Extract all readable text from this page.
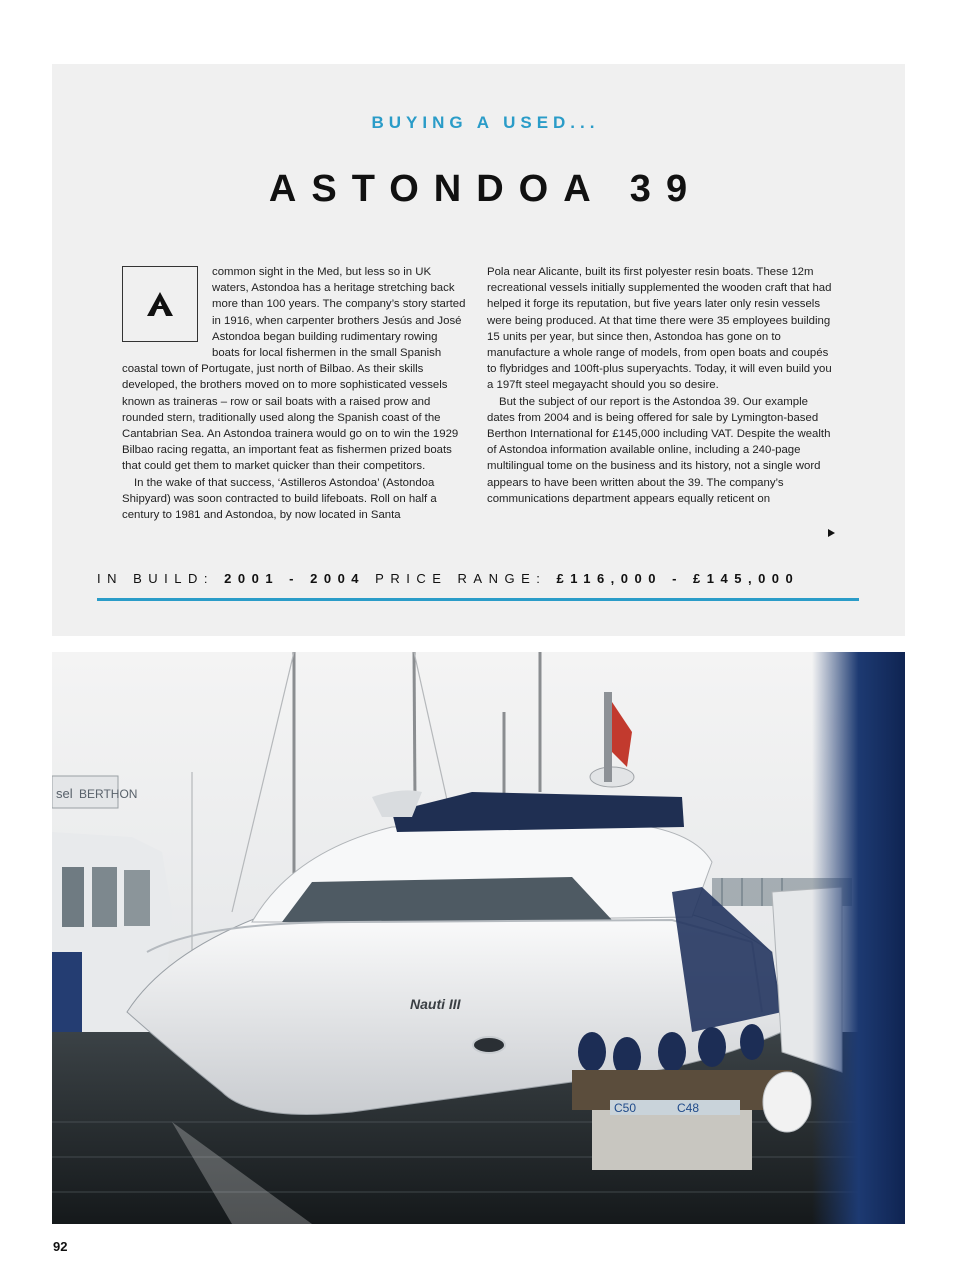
BUYING A USED...
ASTONDOA 39

common sight in the Med, but less so in UK waters, Astondoa has a heritage stretching back more than 100 years. The company’s story started in 1916, when carpenter brothers Jesús and José Astondoa began building rudimentary rowing boats for local fishermen in the small Spanish coastal town of Portugate, just north of Bilbao. As their skills developed, the brothers moved on to more sophisticated vessels known as traineras – row or sail boats with a raised prow and rounded stern, traditionally used along the Spanish coast of the Cantabrian Sea. An Astondoa trainera would go on to win the 1929 Bilbao racing regatta, an important feat as fishermen prized boats that could get them to market quicker than their competitors.

In the wake of that success, ‘Astilleros Astondoa’ (Astondoa Shipyard) was soon contracted to build lifeboats. Roll on half a century to 1981 and Astondoa, by now located in Santa

Pola near Alicante, built its first polyester resin boats. These 12m recreational vessels initially supplemented the wooden craft that had helped it forge its reputation, but five years later only resin vessels were being produced. At that time there were 35 employees building 15 units per year, but since then, Astondoa has gone on to manufacture a whole range of models, from open boats and coupés to flybridges and 100ft-plus superyachts. Today, it will even build you a 197ft steel megayacht should you so desire.

But the subject of our report is the Astondoa 39. Our example dates from 2004 and is being offered for sale by Lymington-based Berthon International for £145,000 including VAT. Despite the wealth of Astondoa information available online, including a 240-page multilingual tome on the business and its history, not a single word appears to have been written about the 39. The company’s communications department appears equally reticent on

IN BUILD: 2001 - 2004 PRICE RANGE: £116,000 - £145,000
sel BERTHON
Nauti III
C50	C48
92
